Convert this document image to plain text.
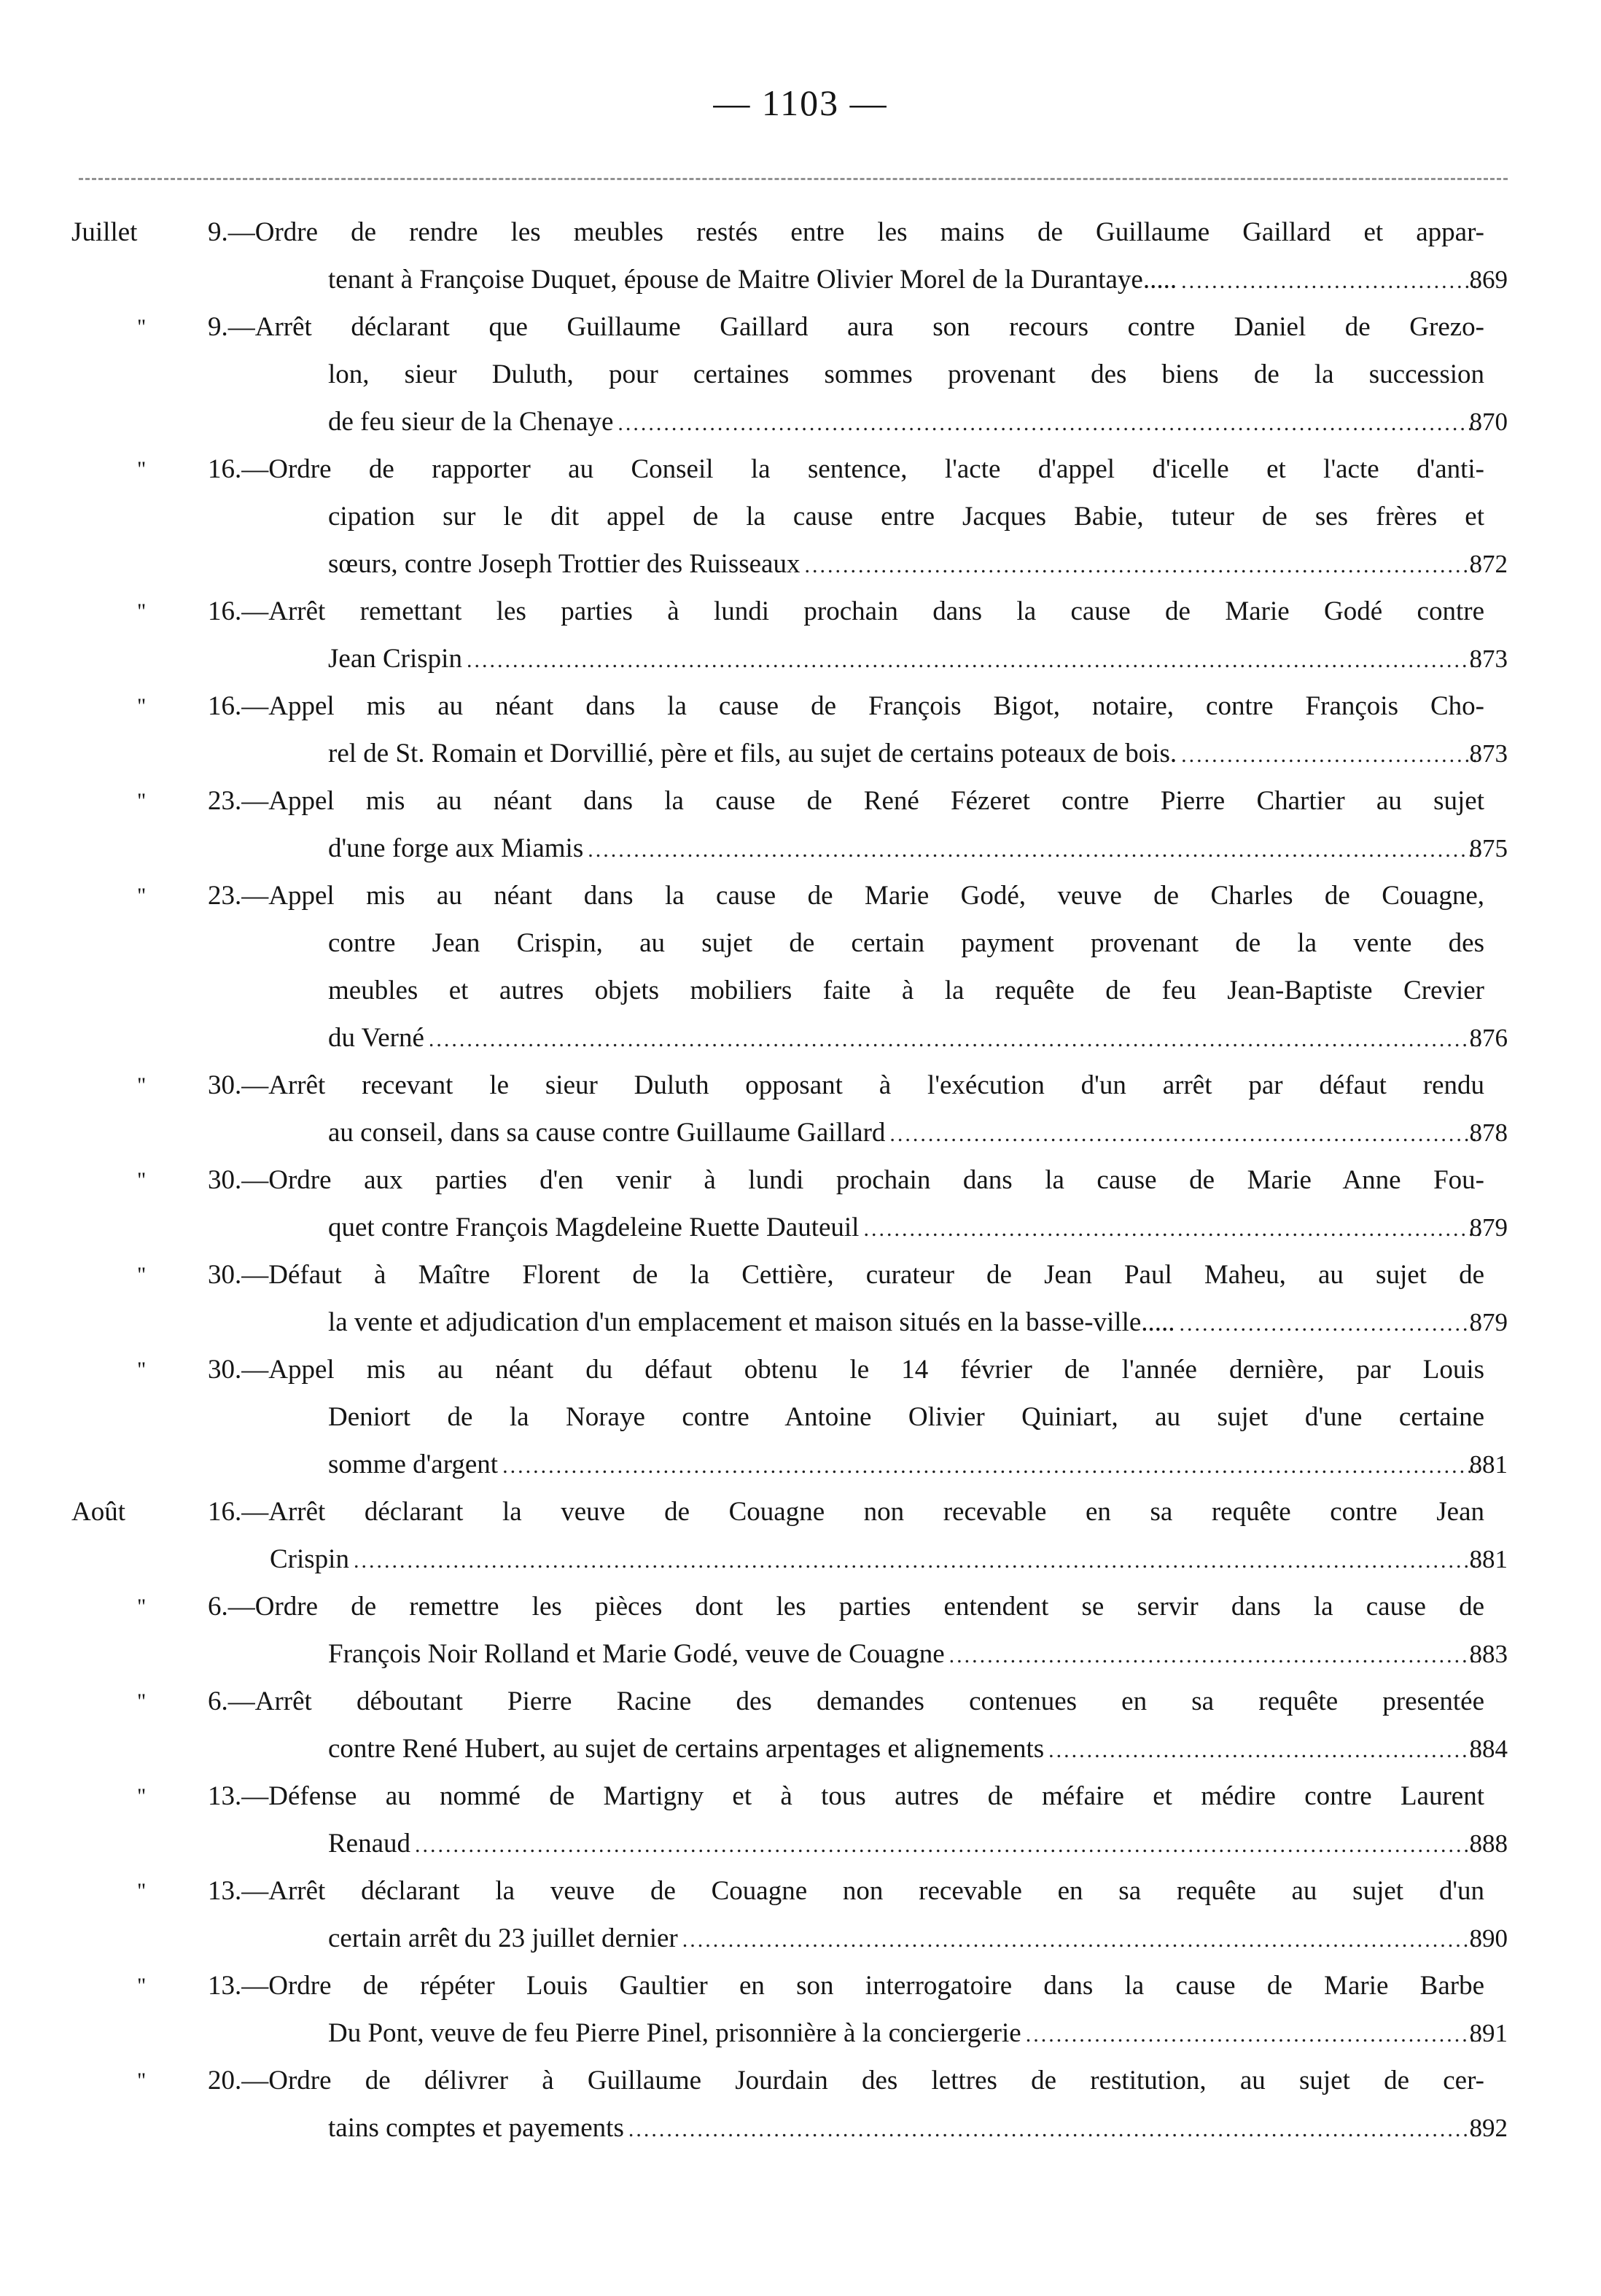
— 1103 —
Juillet	9.—Ordre de rendre les meubles restés entre les mains de Guillaume Gaillard et appar-
tenant à Françoise Duquet, épouse de Maitre Olivier Morel de la Durantaye..... .....	869
" 9.—Arrêt déclarant que Guillaume Gaillard aura son recours contre Daniel de Grezo-
lon, sieur Duluth, pour certaines sommes provenant des biens de la succession
de feu sieur de la Chenaye .....	870
" 16.—Ordre de rapporter au Conseil la sentence, l'acte d'appel d'icelle et l'acte d'anti-
cipation sur le dit appel de la cause entre Jacques Babie, tuteur de ses frères et
sœurs, contre Joseph Trottier des Ruisseaux .....	872
" 16.—Arrêt remettant les parties à lundi prochain dans la cause de Marie Godé contre
Jean Crispin .....	873
" 16.—Appel mis au néant dans la cause de François Bigot, notaire, contre François Cho-
rel de St. Romain et Dorvillié, père et fils, au sujet de certains poteaux de bois. .....	873
" 23.—Appel mis au néant dans la cause de René Fézeret contre Pierre Chartier au sujet
d'une forge aux Miamis .....	875
" 23.—Appel mis au néant dans la cause de Marie Godé, veuve de Charles de Couagne,
contre Jean Crispin, au sujet de certain payment provenant de la vente des
meubles et autres objets mobiliers faite à la requête de feu Jean-Baptiste Crevier
du Verné .....	876
" 30.—Arrêt recevant le sieur Duluth opposant à l'exécution d'un arrêt par défaut rendu
au conseil, dans sa cause contre Guillaume Gaillard .....	878
" 30.—Ordre aux parties d'en venir à lundi prochain dans la cause de Marie Anne Fou-
quet contre François Magdeleine Ruette Dauteuil .....	879
" 30.—Défaut à Maître Florent de la Cettière, curateur de Jean Paul Maheu, au sujet de
la vente et adjudication d'un emplacement et maison situés en la basse-ville..... .....	879
" 30.—Appel mis au néant du défaut obtenu le 14 février de l'année dernière, par Louis
Deniort de la Noraye contre Antoine Olivier Quiniart, au sujet d'une certaine
somme d'argent .....	881
Août	16.—Arrêt déclarant la veuve de Couagne non recevable en sa requête contre Jean
Crispin .....	881
" 6.—Ordre de remettre les pièces dont les parties entendent se servir dans la cause de
François Noir Rolland et Marie Godé, veuve de Couagne .....	883
" 6.—Arrêt déboutant Pierre Racine des demandes contenues en sa requête presentée
contre René Hubert, au sujet de certains arpentages et alignements .....	884
" 13.—Défense au nommé de Martigny et à tous autres de méfaire et médire contre Laurent
Renaud .....	888
" 13.—Arrêt déclarant la veuve de Couagne non recevable en sa requête au sujet d'un
certain arrêt du 23 juillet dernier .....	890
" 13.—Ordre de répéter Louis Gaultier en son interrogatoire dans la cause de Marie Barbe
Du Pont, veuve de feu Pierre Pinel, prisonnière à la conciergerie .....	891
" 20.—Ordre de délivrer à Guillaume Jourdain des lettres de restitution, au sujet de cer-
tains comptes et payements .....	892
